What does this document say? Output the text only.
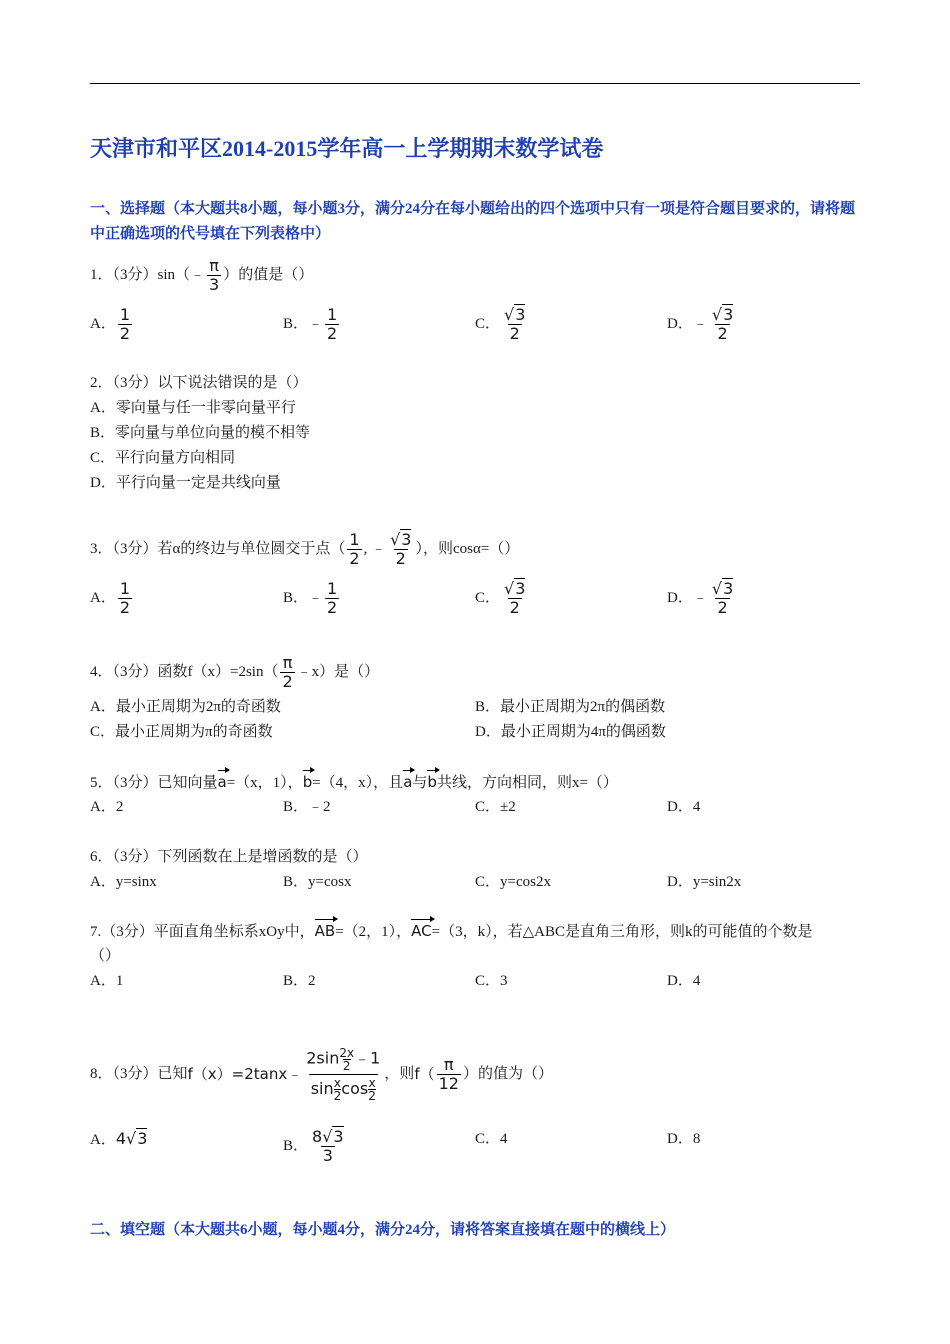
天津市和平区2014-2015学年高一上学期期末数学试卷
一、选择题（本大题共8小题，每小题3分，满分24分在每小题给出的四个选项中只有一项是符合题目要求的，请将题中正确选项的代号填在下列表格中）
1．（3分）sin（﹣ $\frac{\pi}{3}$ ）的值是（）
A． $\frac{1}{2}$	B．﹣ $\frac{1}{2}$	C． $\frac{√3}{2}$	D．﹣ $\frac{√3}{2}$
2．（3分）以下说法错误的是（）
A．零向量与任一非零向量平行
B．零向量与单位向量的模不相等
C．平行向量方向相同
D．平行向量一定是共线向量
3．（3分）若α的终边与单位圆交于点（ $\frac{1}{2}$ , ﹣ $\frac{√3}{2}$ ），则cosα=（）
A． $\frac{1}{2}$	B．﹣ $\frac{1}{2}$	C． $\frac{√3}{2}$	D．﹣ $\frac{√3}{2}$
4．（3分）函数$f(x)=2\sin( \frac{\pi}{2}$ ﹣x）是（）
A．最小正周期为2π的奇函数	B．最小正周期为2π的偶函数
C．最小正周期为π的奇函数	D．最小正周期为4π的偶函数
5．（3分）已知向量a=（x，1），b=（4，x），且a与b共线，方向相同，则x=（）
A．2	B．﹣2	C．±2	D．4
6．（3分）下列函数在上是增函数的是（）
A．y=sinx	B．y=cosx	C．y=cos2x	D．y=sin2x
7.（3分）平面直角坐标系xOy中，AB=（2，1），AC=（3，k），若△ABC是直角三角形，则k的可能值的个数是
（）
A．1	B．2	C．3	D．4
8．（3分）已知 f（x）=2tanx﹣ $\frac{2\sin \frac{2x}{2} ﹣1}{\sin \frac{x}{2} \cos \frac{x}{2}}$ ，则 $f( \frac{\pi}{12}$ ）的值为（）
A．4√3	B． $\frac{8√3}{3}$	C．4	D．8
二、填空题（本大题共6小题，每小题4分，满分24分，请将答案直接填在题中的横线上）
